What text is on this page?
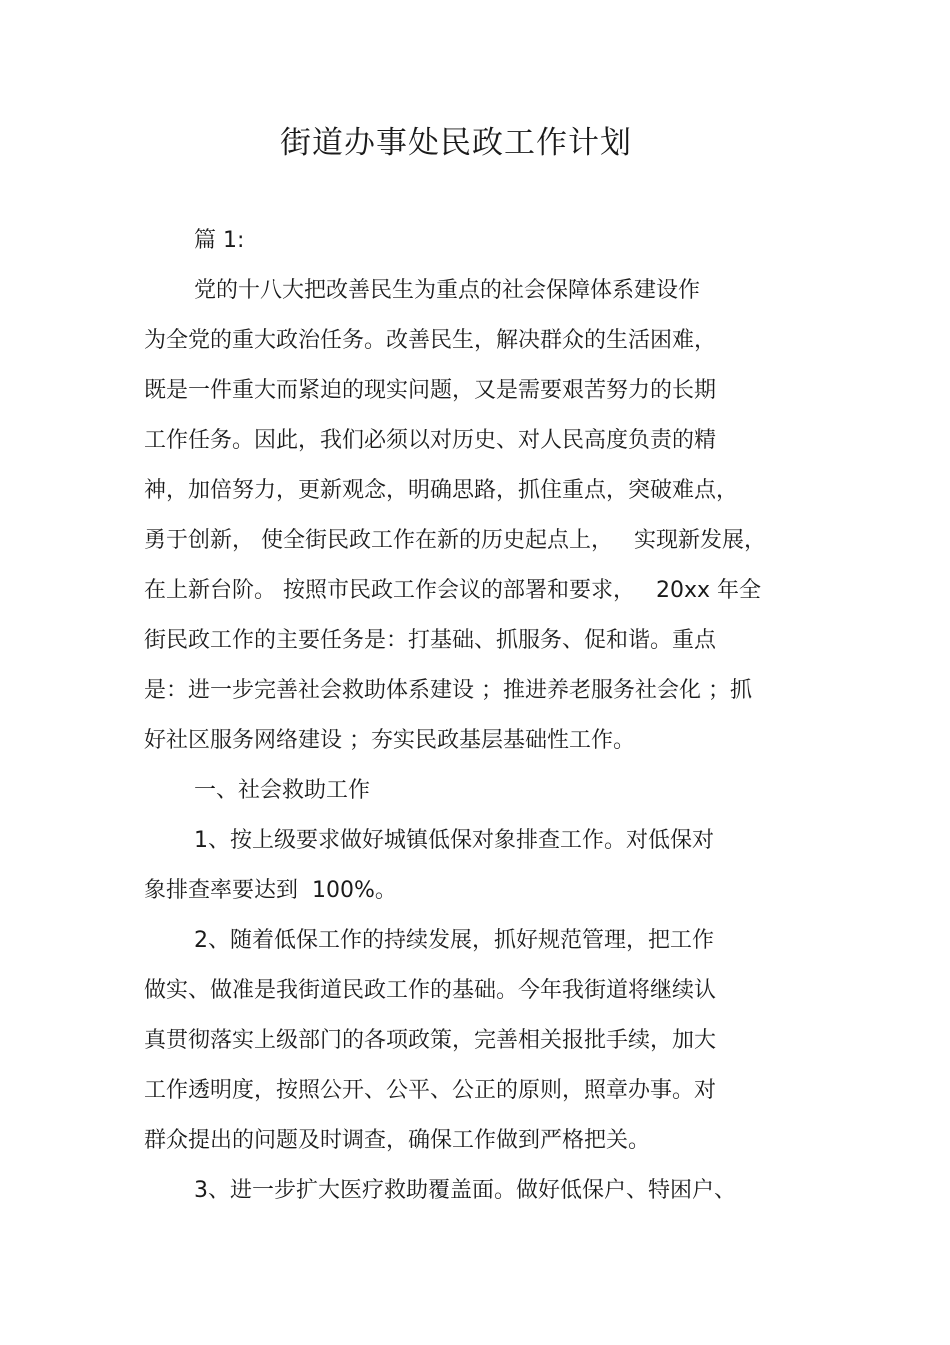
街道办事处民政工作计划

篇 1:

党的十八大把改善民生为重点的社会保障体系建设作

为全党的重大政治任务。改善民生，解决群众的生活困难，

既是一件重大而紧迫的现实问题，又是需要艰苦努力的长期

工作任务。因此，我们必须以对历史、对人民高度负责的精

神，加倍努力，更新观念，明确思路，抓住重点，突破难点，

勇于创新， 使全街民政工作在新的历史起点上，   实现新发展，

在上新台阶。 按照市民政工作会议的部署和要求，   20xx 年全

街民政工作的主要任务是：打基础、抓服务、促和谐。重点

是：进一步完善社会救助体系建设 ；推进养老服务社会化 ；抓

好社区服务网络建设 ；夯实民政基层基础性工作。

一、社会救助工作

1、按上级要求做好城镇低保对象排查工作。对低保对

象排查率要达到  100%。

2、随着低保工作的持续发展，抓好规范管理，把工作

做实、做准是我街道民政工作的基础。今年我街道将继续认

真贯彻落实上级部门的各项政策，完善相关报批手续，加大

工作透明度，按照公开、公平、公正的原则，照章办事。对

群众提出的问题及时调查，确保工作做到严格把关。

3、进一步扩大医疗救助覆盖面。做好低保户、特困户、
